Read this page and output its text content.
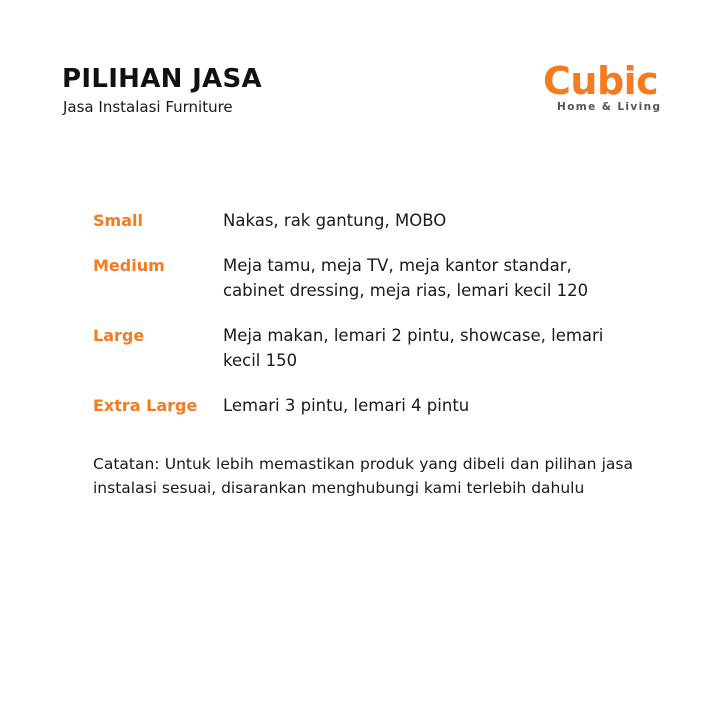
PILIHAN JASA
Jasa Instalasi Furniture
Cubic
Home & Living
Small	Nakas, rak gantung, MOBO
Medium	Meja tamu, meja TV, meja kantor standar, cabinet dressing, meja rias, lemari kecil 120
Large	Meja makan, lemari 2 pintu, showcase, lemari kecil 150
Extra Large	Lemari 3 pintu, lemari 4 pintu
Catatan: Untuk lebih memastikan produk yang dibeli dan pilihan jasa instalasi sesuai, disarankan menghubungi kami terlebih dahulu
